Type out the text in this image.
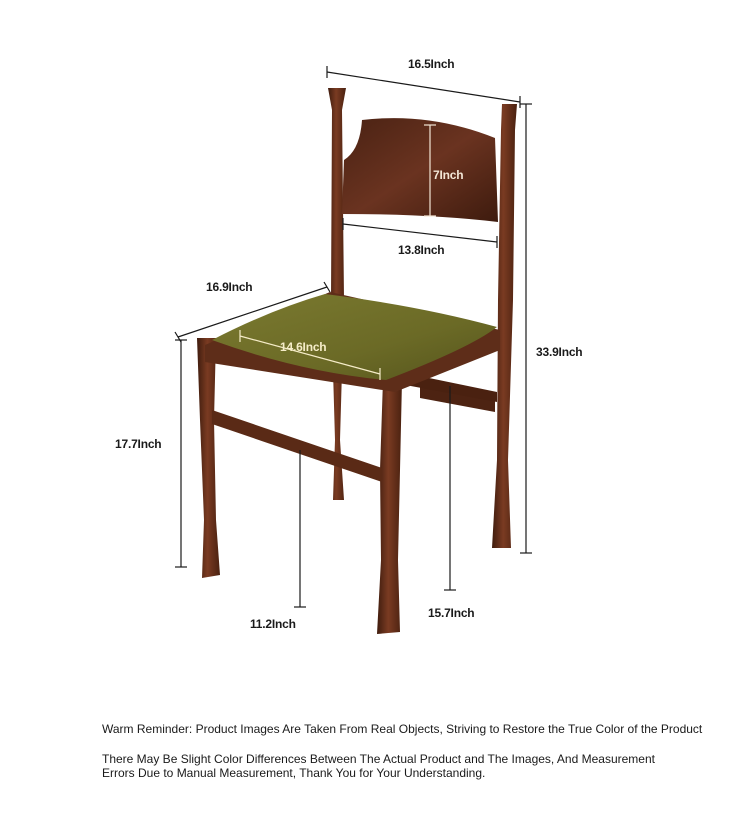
16.5Inch
7Inch
13.8Inch
16.9Inch
14.6Inch	33.9Inch
17.7Inch
11.2Inch
15.7Inch
Warm Reminder: Product Images Are Taken From Real Objects, Striving to Restore the True Color of the Product
There May Be Slight Color Differences Between The Actual Product and The Images, And Measurement
Errors Due to Manual Measurement, Thank You for Your Understanding.
